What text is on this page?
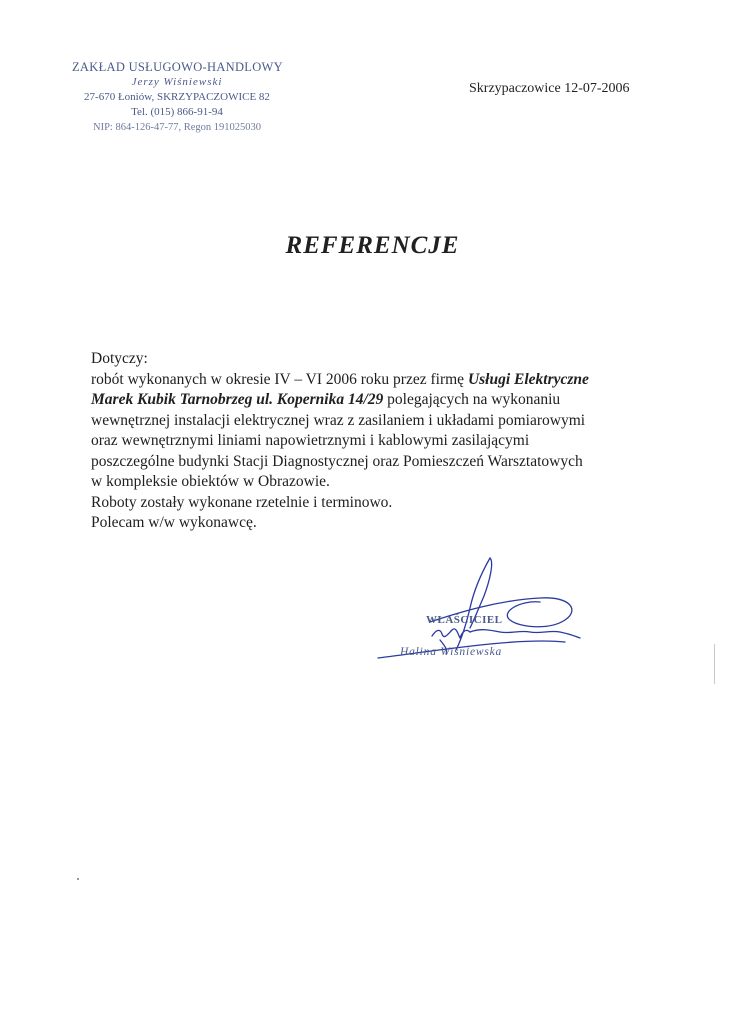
ZAKŁAD USŁUGOWO-HANDLOWY
Jerzy Wiśniewski
27-670 Łoniów, SKRZYPACZOWICE 82
Tel. (015) 866-91-94
NIP: 864-126-47-77, Regon 191025030
Skrzypaczowice 12-07-2006
REFERENCJE

Dotyczy:

robót wykonanych w okresie IV – VI 2006 roku przez firmę Usługi Elektryczne

Marek Kubik Tarnobrzeg ul. Kopernika 14/29 polegających na wykonaniu

wewnętrznej instalacji elektrycznej wraz z zasilaniem i układami pomiarowymi

oraz wewnętrznymi liniami napowietrznymi i kablowymi zasilającymi

poszczególne budynki Stacji Diagnostycznej oraz Pomieszczeń Warsztatowych

w kompleksie obiektów w Obrazowie.

Roboty zostały wykonane rzetelnie i terminowo.

Polecam w/w wykonawcę.

WŁAŚCICIEL
Halina Wiśniewska
